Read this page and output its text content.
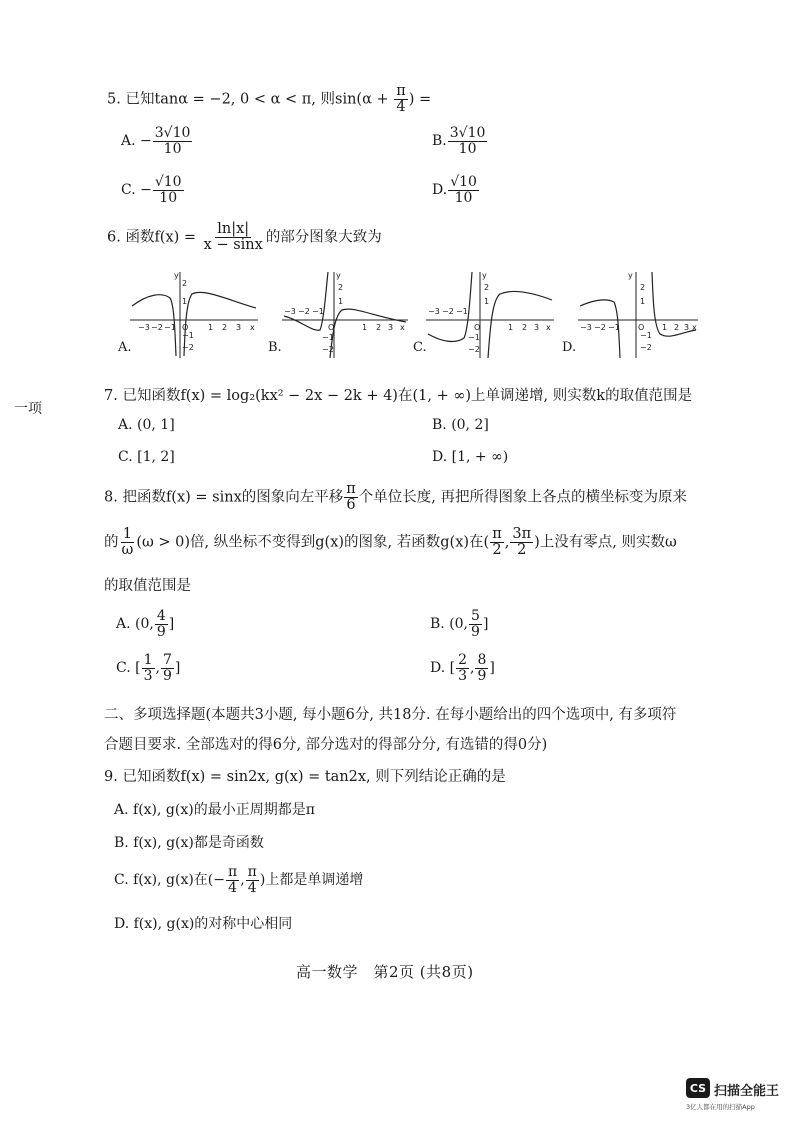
一项
5. 已知tanα = −2, 0 < α < π, 则$\sin(\alpha + \frac{\pi}{4}$ ) =
A. − $\frac{3√10}{10}$	B. $\frac{3√10}{10}$
C. − $\frac{√10}{10}$	D. $\frac{√10}{10}$
6. 函数$f(x) = \frac{\ln|x|}{x - \sin x}$ 的部分图象大致为
−3 −2 −1 O 1 2 3 x
2
1
−1
−2
y
A.
−3 −2 −1
O	1 2 3 x
2
1
−1
−2
y
B.
−3 −2 −1
O	1 2 3 x
2
1
−1
−2
y
C.
−3 −2 −1 O 1 2 3 x
2
1
−1
−2
y
D.
7. 已知函数f(x) = log₂(kx² − 2x − 2k + 4)在(1, + ∞)上单调递增, 则实数k的取值范围是
A. (0, 1]	B. (0, 2]
C. [1, 2]	D. [1, + ∞)
8. 把函数f(x) = sinx的图象向左平移 $\frac{\pi}{6}$ 个单位长度, 再把所得图象上各点的横坐标变为原来
的 $\frac{1}{\omega} (\omega > 0)$倍, 纵坐标不变得到g(x)的图象, 若函数g(x)在( $\frac{\pi}{2}$ , $\frac{3\pi}{2}$ )上没有零点, 则实数ω
的取值范围是
A. (0, $\frac{4}{9}$ ]	B. (0, $\frac{5}{9}$ ]
C. [ $\frac{1}{3}$ , $\frac{7}{9}$ ]	D. [ $\frac{2}{3}$ , $\frac{8}{9}$ ]
二、多项选择题(本题共3小题, 每小题6分, 共18分. 在每小题给出的四个选项中, 有多项符
合题目要求. 全部选对的得6分, 部分选对的得部分分, 有选错的得0分)
9. 已知函数f(x) = sin2x, g(x) = tan2x, 则下列结论正确的是
A. f(x), g(x)的最小正周期都是π
B. f(x), g(x)都是奇函数
C. f(x), g(x)在(− $\frac{\pi}{4}$ , $\frac{\pi}{4}$ )上都是单调递增
D. f(x), g(x)的对称中心相同
高一数学　第2页 (共8页)
CS 扫描全能王
3亿人都在用的扫描App
